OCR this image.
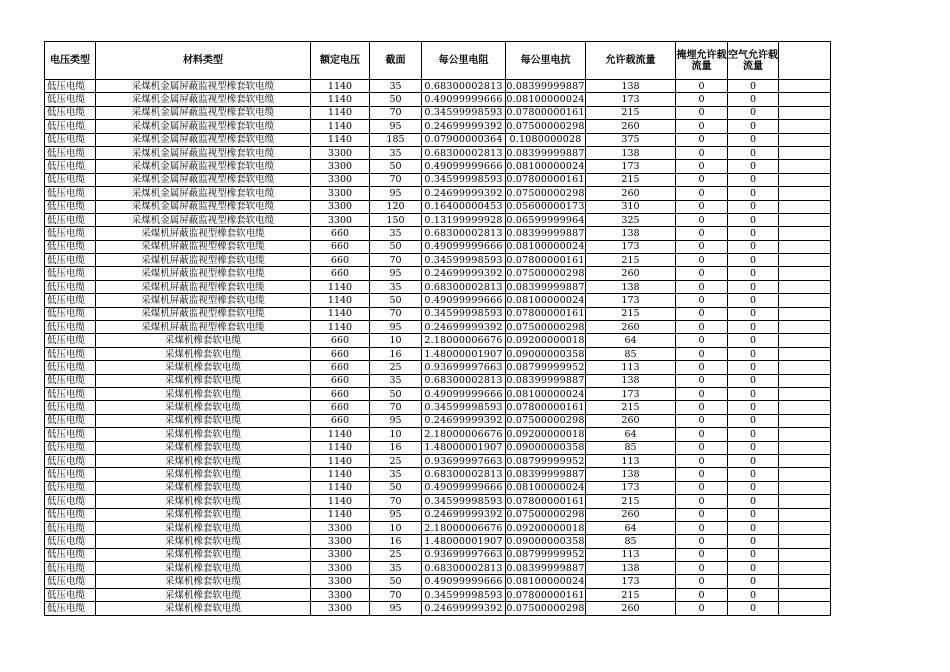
电压类型	材料类型	额定电压	截面	每公里电阻	每公里电抗	允许载流量	掩埋允许载流量	空气允许载流量	
低压电缆	采煤机金属屏蔽监视型橡套软电缆	1140	35	0.68300002813	0.08399999887	138	0	0	
低压电缆	采煤机金属屏蔽监视型橡套软电缆	1140	50	0.49099999666	0.08100000024	173	0	0	
低压电缆	采煤机金属屏蔽监视型橡套软电缆	1140	70	0.34599998593	0.07800000161	215	0	0	
低压电缆	采煤机金属屏蔽监视型橡套软电缆	1140	95	0.24699999392	0.07500000298	260	0	0	
低压电缆	采煤机金属屏蔽监视型橡套软电缆	1140	185	0.07900000364	0.1080000028	375	0	0	
低压电缆	采煤机金属屏蔽监视型橡套软电缆	3300	35	0.68300002813	0.08399999887	138	0	0	
低压电缆	采煤机金属屏蔽监视型橡套软电缆	3300	50	0.49099999666	0.08100000024	173	0	0	
低压电缆	采煤机金属屏蔽监视型橡套软电缆	3300	70	0.34599998593	0.07800000161	215	0	0	
低压电缆	采煤机金属屏蔽监视型橡套软电缆	3300	95	0.24699999392	0.07500000298	260	0	0	
低压电缆	采煤机金属屏蔽监视型橡套软电缆	3300	120	0.16400000453	0.05600000173	310	0	0	
低压电缆	采煤机金属屏蔽监视型橡套软电缆	3300	150	0.13199999928	0.06599999964	325	0	0	
低压电缆	采煤机屏蔽监视型橡套软电缆	660	35	0.68300002813	0.08399999887	138	0	0	
低压电缆	采煤机屏蔽监视型橡套软电缆	660	50	0.49099999666	0.08100000024	173	0	0	
低压电缆	采煤机屏蔽监视型橡套软电缆	660	70	0.34599998593	0.07800000161	215	0	0	
低压电缆	采煤机屏蔽监视型橡套软电缆	660	95	0.24699999392	0.07500000298	260	0	0	
低压电缆	采煤机屏蔽监视型橡套软电缆	1140	35	0.68300002813	0.08399999887	138	0	0	
低压电缆	采煤机屏蔽监视型橡套软电缆	1140	50	0.49099999666	0.08100000024	173	0	0	
低压电缆	采煤机屏蔽监视型橡套软电缆	1140	70	0.34599998593	0.07800000161	215	0	0	
低压电缆	采煤机屏蔽监视型橡套软电缆	1140	95	0.24699999392	0.07500000298	260	0	0	
低压电缆	采煤机橡套软电缆	660	10	2.18000006676	0.09200000018	64	0	0	
低压电缆	采煤机橡套软电缆	660	16	1.48000001907	0.09000000358	85	0	0	
低压电缆	采煤机橡套软电缆	660	25	0.93699997663	0.08799999952	113	0	0	
低压电缆	采煤机橡套软电缆	660	35	0.68300002813	0.08399999887	138	0	0	
低压电缆	采煤机橡套软电缆	660	50	0.49099999666	0.08100000024	173	0	0	
低压电缆	采煤机橡套软电缆	660	70	0.34599998593	0.07800000161	215	0	0	
低压电缆	采煤机橡套软电缆	660	95	0.24699999392	0.07500000298	260	0	0	
低压电缆	采煤机橡套软电缆	1140	10	2.18000006676	0.09200000018	64	0	0	
低压电缆	采煤机橡套软电缆	1140	16	1.48000001907	0.09000000358	85	0	0	
低压电缆	采煤机橡套软电缆	1140	25	0.93699997663	0.08799999952	113	0	0	
低压电缆	采煤机橡套软电缆	1140	35	0.68300002813	0.08399999887	138	0	0	
低压电缆	采煤机橡套软电缆	1140	50	0.49099999666	0.08100000024	173	0	0	
低压电缆	采煤机橡套软电缆	1140	70	0.34599998593	0.07800000161	215	0	0	
低压电缆	采煤机橡套软电缆	1140	95	0.24699999392	0.07500000298	260	0	0	
低压电缆	采煤机橡套软电缆	3300	10	2.18000006676	0.09200000018	64	0	0	
低压电缆	采煤机橡套软电缆	3300	16	1.48000001907	0.09000000358	85	0	0	
低压电缆	采煤机橡套软电缆	3300	25	0.93699997663	0.08799999952	113	0	0	
低压电缆	采煤机橡套软电缆	3300	35	0.68300002813	0.08399999887	138	0	0	
低压电缆	采煤机橡套软电缆	3300	50	0.49099999666	0.08100000024	173	0	0	
低压电缆	采煤机橡套软电缆	3300	70	0.34599998593	0.07800000161	215	0	0	
低压电缆	采煤机橡套软电缆	3300	95	0.24699999392	0.07500000298	260	0	0	
